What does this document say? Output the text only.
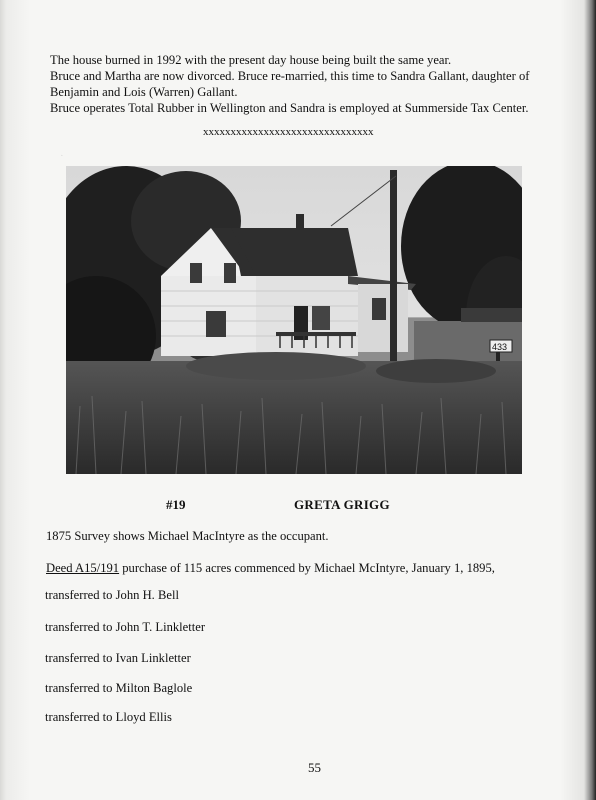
·
The house burned in 1992 with the present day house being built the same year.
Bruce and Martha are now divorced. Bruce re-married, this time to Sandra Gallant, daughter of
Benjamin and Lois (Warren) Gallant.
Bruce operates Total Rubber in Wellington and Sandra is employed at Summerside Tax Center.
xxxxxxxxxxxxxxxxxxxxxxxxxxxxxxx
433
#19	GRETA GRIGG
1875 Survey shows Michael MacIntyre as the occupant.
Deed A15/191 purchase of 115 acres commenced by Michael McIntyre, January 1, 1895,
transferred to John H. Bell
transferred to John T. Linkletter
transferred to Ivan Linkletter
transferred to Milton Baglole
transferred to Lloyd Ellis
55
